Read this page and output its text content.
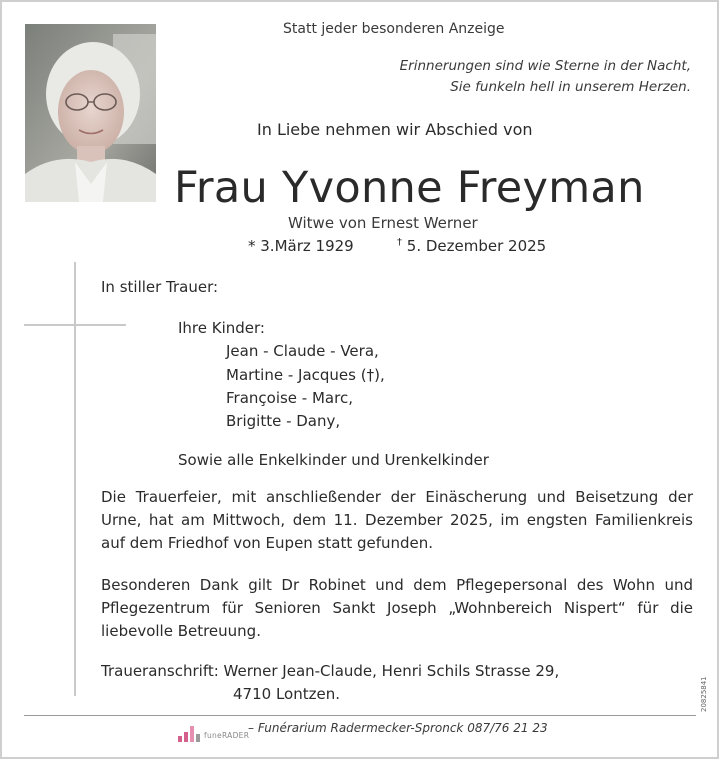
Statt jeder besonderen Anzeige
Erinnerungen sind wie Sterne in der Nacht,
Sie funkeln hell in unserem Herzen.
In Liebe nehmen wir Abschied von
Frau Yvonne Freyman
Witwe von Ernest Werner
* 3.März 1929	† 5. Dezember 2025
In stiller Trauer:
Ihre Kinder:
Jean - Claude - Vera,
Martine - Jacques (†),
Françoise - Marc,
Brigitte - Dany,
Sowie alle Enkelkinder und Urenkelkinder
Die Trauerfeier, mit anschließender der Einäscherung und Beisetzung der Urne, hat am Mittwoch, dem 11. Dezember 2025, im engsten Familienkreis auf dem Friedhof von Eupen statt gefunden.
Besonderen Dank gilt Dr Robinet und dem Pflegepersonal des Wohn und Pflegezentrum für Senioren Sankt Joseph „Wohnbereich Nispert“ für die liebevolle Betreuung.
Traueranschrift: Werner Jean-Claude, Henri Schils Strasse 29,
4710 Lontzen.
funeRADER
– Funérarium Radermecker-Spronck 087/76 21 23
20825841
